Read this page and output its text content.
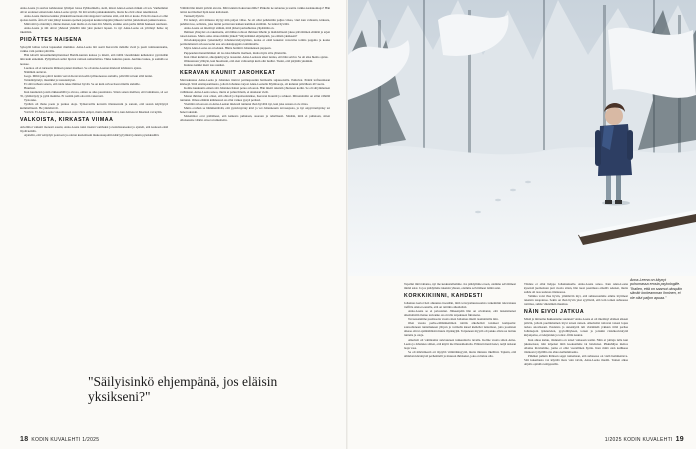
Anna-Leena jä asuivat kahdestaan lyhtöjen loissa Pyhäsalmella, sielä, missä Anna-Leenan mökki oli ton. Vanhemmat olivat eronneet ennen kuin Anna-Leena syntyi. Sii äiti urtulla paikkakunnalla, mutta he eivät olleet tekemisissä.

Anna-Leena muistaa kuinka yhdeksänvuotiaana itki singoissä varmana siitä, että äiti ei kuole. Eräs ilta kuon ei ollut ajoissa kotiin. Äiti oli vain jäänyt kauaan epoinen papaajan keskuveluppiin jälkeen vartiloi juttelemaan jonkun kanssa.

Minä siitä jo miettinyt, minne menen, kun mulla ei ole kun äiti. Mietin, etuinko erun perhe mihin haukeen asumaan.

Anna-Leena ja äiti olivat yhdessä yhdelliä niin yksi pieneri lapsen. Ja nyt Anna-Leena on yrittänyt hetke taj itkemään.

PIIDÄTTES NAISENA

Sykoyllä lohtua toivat lapsuuden mummot. Anna-Leena äiti asetti Keravalla mökille vietä ja puoli tuntisuuntaama, vaikka vain pariksi päivälle.

Hän kävelli tutsaamummymetsäsed Bambi-kuntan kanssa ja mietti, että täällä väestäriukki kelkaleirar pyöristään niin kuin ennenkin. Pyllysilleen aallot lipuvat rantaan samanlailtaa. Tikka nakuttaa puuta. Aurinko laskee, ja aamulla se nousee.

Luontoa oli ei turkaatta ihmisen pienet murheet. Se oli Anna-Leenan mielestä lohdutava ajatus.

Nämäkin auttuvat.

Iooga. Mihti joka päivä tunnin verran Keravan kodin työhuoneessa aamulla, päivällä tai kun siltä tuntui.

Taidemäyttelyt, musiikki ja taussiesityset.

Et siitä turhaan sanota, että taide tekee ihmiset hyvää. Se on kuin salvaa haavoittuille sieluille.

Huumori.

Kun kuuntelen jotain räkkauabillä ja alvosa, onhan se aika parentaista. Sitten sanon meillesi, että lamahasta, sä oot 35, ryhdistäydy ja pyltä mamma. Et tosiäin pidä otta niin vakavasti.

Tystoteko.

Työhön oli ihana paeta ja purkaa oloja. Työkaverille kerrotin tilanteestani ja sanoin, että saatan käyttäytyä kummallisesti. He ymmärsivät.

Ystävät. Ei Anna-Leena vakaumusaan ustavalleta enäpri, mutta meidät hoivi, kun deitteuovi hikeässä vai kylän.

VALKOISTA, KIRKASTA VIIMAA

Avioliittoi vaikutti monesti aasani, Anna-Leena tunsi itsensä vambaksi ja kulaltasaneekat ja ajatteli, että koskaan enää löydä ketään.

Ajattelin, että vetäydyn poteroon ja odotan kuolemaani mukoussapoliin käärtyytymistä jonnain pyurkkasihtä.

Vähitää hän mietti päivää aivoita. Mitä tekisin ilokuvauroliille? Päikolle ne sulautua ja teettia vaikka kaalakonkoja? Hän taittoi kortmalisel lipin kaan kaltaisesti.

Tunteetlyllyivät.

Eri tiennyt, että minussa löytyy niin paljon vihaa. Se oli ollut pelkästään paljua viisaa, viuri kun vallessin, kirkasta, puhdistavaa, sellaista, joka tuntui poittavaan kaiken kamman sisältäni. Se tuntui hyvältä.

Anna-Leena on miettinyt sitäkin, mitä järkeä parisuhteissa ylipäätään on.

Ihmisen yhteydet on rakennettu, että hähaa tolloon ihmisen lähelle ja mahdollisesti jakaa päivittäinen elämää ja arjen toisen kanssa. Mutta onko sinua mitään järkeä? Sälytetäänkö ehjempänä, jos eläisin yksikseni?

Ortodoksipappina tyskennellyt Johannesvielystystäen, koska ei enää kokenut vetoavina toimia pappina ja koska perittenmensti aviosesceolut eue ortodoksipappina toiminnoille.

Myös Anna-Leena on ortodoksi. Hänta harmitti Johanneksen puppeen.

Puppeuden menettäminen oli iso isku hänelle itselleen, mutta myös silte yhteisölle.

Kun viiksi kuluivat, alkoijekritysyys taasautui. Anna-Leenasta alkoi tuntua, että hän selvisi. Se oli alka hiemo ajatus.

Olikaustaan yllätyin, kun huomasin, että olen valtreempi kuin olin luullut. Tiesin, että pärjäiän yksinkin.

Kunnes kaikki meni taas uusiksi.

KERAVAN KAUNIIT JAROHKEAT

Marraskuussa Anna-Leena ja Johannes tiiaivat parituspotenin harmaalla sujausoloilla. Puhuivat. Pöntät lerfierenkaan käsleejä. Siitä ensitapaamisesta, joltoin Johannes tarjosi Anna-Leenalle Mymboreja, oli kulunut päivälleen 49 vuotta.

Kolme kuukautta ennen sitä Johannes halusi perua avioeron. Hän mietti takaisin yhteiseen kotiin. Se oli sittymmeisen vaihtikaan. Anna-Leena sanoo, mutta ei paluu ilmein, ei ainakaan vielä.

Monet ihmiset ovat olleet, että ohitolt ja hapsitealaisikse, Keravan Kauniit ja rohkeat. Mitrenalnitin on siltui vähällä tuntunut. Omau elämän käämesssä on ollut vaikea pysyä perässä.

Ylemmä avioeroon on Anna-Leenan mielestä tuntunut ihan hyvältä nyt, kun joka asiaan ei ole riitaa.

Mutta ovehan se hämmentävää, että pyöröruyrsky kävi ja vei Johannesetn tarvaeujosta, ja nyt onpyörremyrsky toi hanet takaisin.

Molemmat ovat päättäneet, että kaikesta puhutaan, suoraan ja rehellisesti. Siinään, mitä ei puhutaan, sitten ollutsenoite väärin ottaa tai unkaltettu.

"Säilyisinkö ehjempänä, jos eläisin yksikseni?"
18 KODIN KUVALEHTI 1/2025	1/2025 KODIN KUVALEHTI 19

Tapaltui mitä tahansa, nyt me keskustellemme. Jos päädymme eroon, olemme selvittäneet mimä asiat. Ja jos päädymme takaisin yhteen, olemme selvittäneet nämä asiat.

KORKKIKIINNI, KAHDESTI

Johannes kertoi heti alkuunsa itsestään, mitä terveysmuutosaalsta tarkemmin tulevaisuus treffitla Anna-Leenalle, että on raittiina alkoholisti.

Anna-Leena se ei pelostanut. Jälkeenpäin hän on oivaltanut, että lastensinenoi alkoholistiin ilenuo teuvanke on oivalla tarpaksuen fiktaisena.

Tavaessannime puolissotta vuotta siten Johannes mietti taantaitisilla niin.

Olen vuosia perhe-elämäniemmen raittiis alkoholisit toisineet kampaalta: saizoalloneen tuntemukeen yhtyen ja voimalla kkaal kiehellet tunteitteet, joita joonisten alkaaa olivat epämääräisiä muuta myrkkyjää. Toipuneen myyriä oli pakko alistu ua itoituu tunteita ja oloja.

Alkoholi oli vahintamat sulevuuteen tunkeuttuvia tuvalla. Kolme vuotta sitten Anna-Leena ja Johannes sittien, että käytti me illanaalkoholia. Etäinsti menti kuwi, neljä tarkaan laaja vasa.

Se oli märinmeerä eri mytyltä viimittäiksyyttä, mutta minusta ilkellitsä. Tajusin, että aihtuban kärsinystä perhemielli ja muusan ihmiseksi, joka on haluu ollu.

Tilanne ei ollut helppo Johannekselle. Anna-Leena sanoo. Kun Anna-Leena kyseistä juomattaan puri vuotta sitten, hän tuosi paenmusa emailiv seksien, mutta suhde oli taas uudessa tilanteessa.

Valikka voisi ihse hyvin, ymmärrän myt, että suhteessamme emme löytäneet takaisin tasapainoa. Sekin on ihan hyvin yksi syyllisttä, että lom toinen suhteessa rattiinsa, suhde väkisinkin muuttuu.

NÄIN EIVOI JATKUA

Mistä ja mitterme hukkanteme suunnen? Anna-Leena ei oli miettinyt elääsen alkaen päivän, jolloin puolinmainen löysi toisen naisen. Alkoholisi tuttavan taisesi lopus tarkaa anovikaani. Pusleista ja uutenkyttä tuli vistämkää yrkkien tiiltä parhaa Johnleejoin tyskiertelen, pyytolihtyksen, toisen ja joitakin ristulkouviutyttä kirjanpalaa, ei tekijantuk ja tontat -filmi kaunat.

Kun alkaa kuluu, tilannetta on toisel vaikeaan tesinä. Näin ei johtuja tulla kun jukaisetsaat, niin lelpeiset mitä kookaamme tai latteluiset. Pikkuhiljaa meitos ollanne tiiaviamme, jonna ei ollut vaarallinen hyriia. Kun minä olen kaihkeaa tilanteen tyityilillä etta ahtoa kellammaatna.

Pitkäksi puhuin ihmisen sappi tuntemaan, että suhteessa on vielä hemmentava. Sitä kokemusta voi käyttää mars vain taivin, Anna-Leena miettii. Toinen alkaa ohjalla opitulla temppusilla.

Anna-Leena on käynyt puhumassa erosta psykologille. "Ihailen, että on saamut ulospäin silmäir korkeamman ihminen, ei ole ollut paljon apuaa."
